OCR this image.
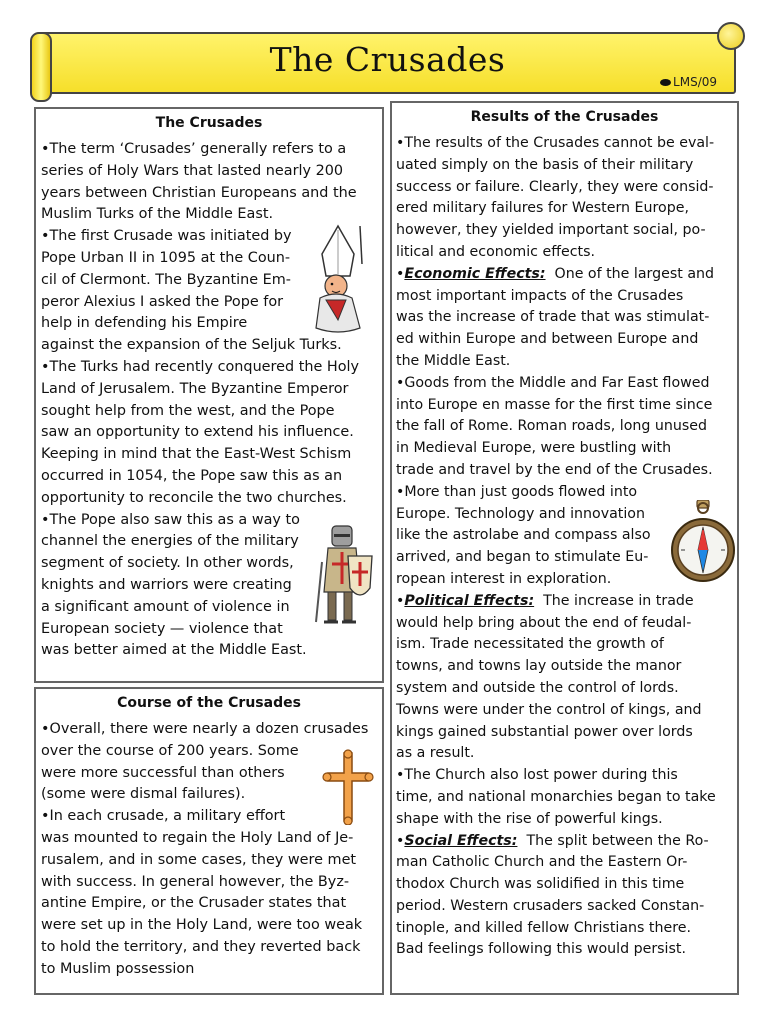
The Crusades
LMS/09
The Crusades
•The term ‘Crusades’ generally refers to a
series of Holy Wars that lasted nearly 200
years between Christian Europeans and the
Muslim Turks of the Middle East.
•The first Crusade was initiated by
Pope Urban II in 1095 at the Coun-
cil of Clermont. The Byzantine Em-
peror Alexius I asked the Pope for
help in defending his Empire
against the expansion of the Seljuk Turks.
•The Turks had recently conquered the Holy
Land of Jerusalem. The Byzantine Emperor
sought help from the west, and the Pope
saw an opportunity to extend his influence.
Keeping in mind that the East-West Schism
occurred in 1054, the Pope saw this as an
opportunity to reconcile the two churches.
•The Pope also saw this as a way to
channel the energies of the military
segment of society. In other words,
knights and warriors were creating
a significant amount of violence in
European society — violence that
was better aimed at the Middle East.
Course of the Crusades
•Overall, there were nearly a dozen crusades
over the course of 200 years. Some
were more successful than others
(some were dismal failures).
•In each crusade, a military effort
was mounted to regain the Holy Land of Je-
rusalem, and in some cases, they were met
with success. In general however, the Byz-
antine Empire, or the Crusader states that
were set up in the Holy Land, were too weak
to hold the territory, and they reverted back
to Muslim possession
Results of the Crusades
•The results of the Crusades cannot be eval-
uated simply on the basis of their military
success or failure. Clearly, they were consid-
ered military failures for Western Europe,
however, they yielded important social, po-
litical and economic effects.
•Economic Effects:  One of the largest and
most important impacts of the Crusades
was the increase of trade that was stimulat-
ed within Europe and between Europe and
the Middle East.
•Goods from the Middle and Far East flowed
into Europe en masse for the first time since
the fall of Rome. Roman roads, long unused
in Medieval Europe, were bustling with
trade and travel by the end of the Crusades.
•More than just goods flowed into
Europe. Technology and innovation
like the astrolabe and compass also
arrived, and began to stimulate Eu-
ropean interest in exploration.
•Political Effects:  The increase in trade
would help bring about the end of feudal-
ism. Trade necessitated the growth of
towns, and towns lay outside the manor
system and outside the control of lords.
Towns were under the control of kings, and
kings gained substantial power over lords
as a result.
•The Church also lost power during this
time, and national monarchies began to take
shape with the rise of powerful kings.
•Social Effects:  The split between the Ro-
man Catholic Church and the Eastern Or-
thodox Church was solidified in this time
period. Western crusaders sacked Constan-
tinople, and killed fellow Christians there.
Bad feelings following this would persist.
